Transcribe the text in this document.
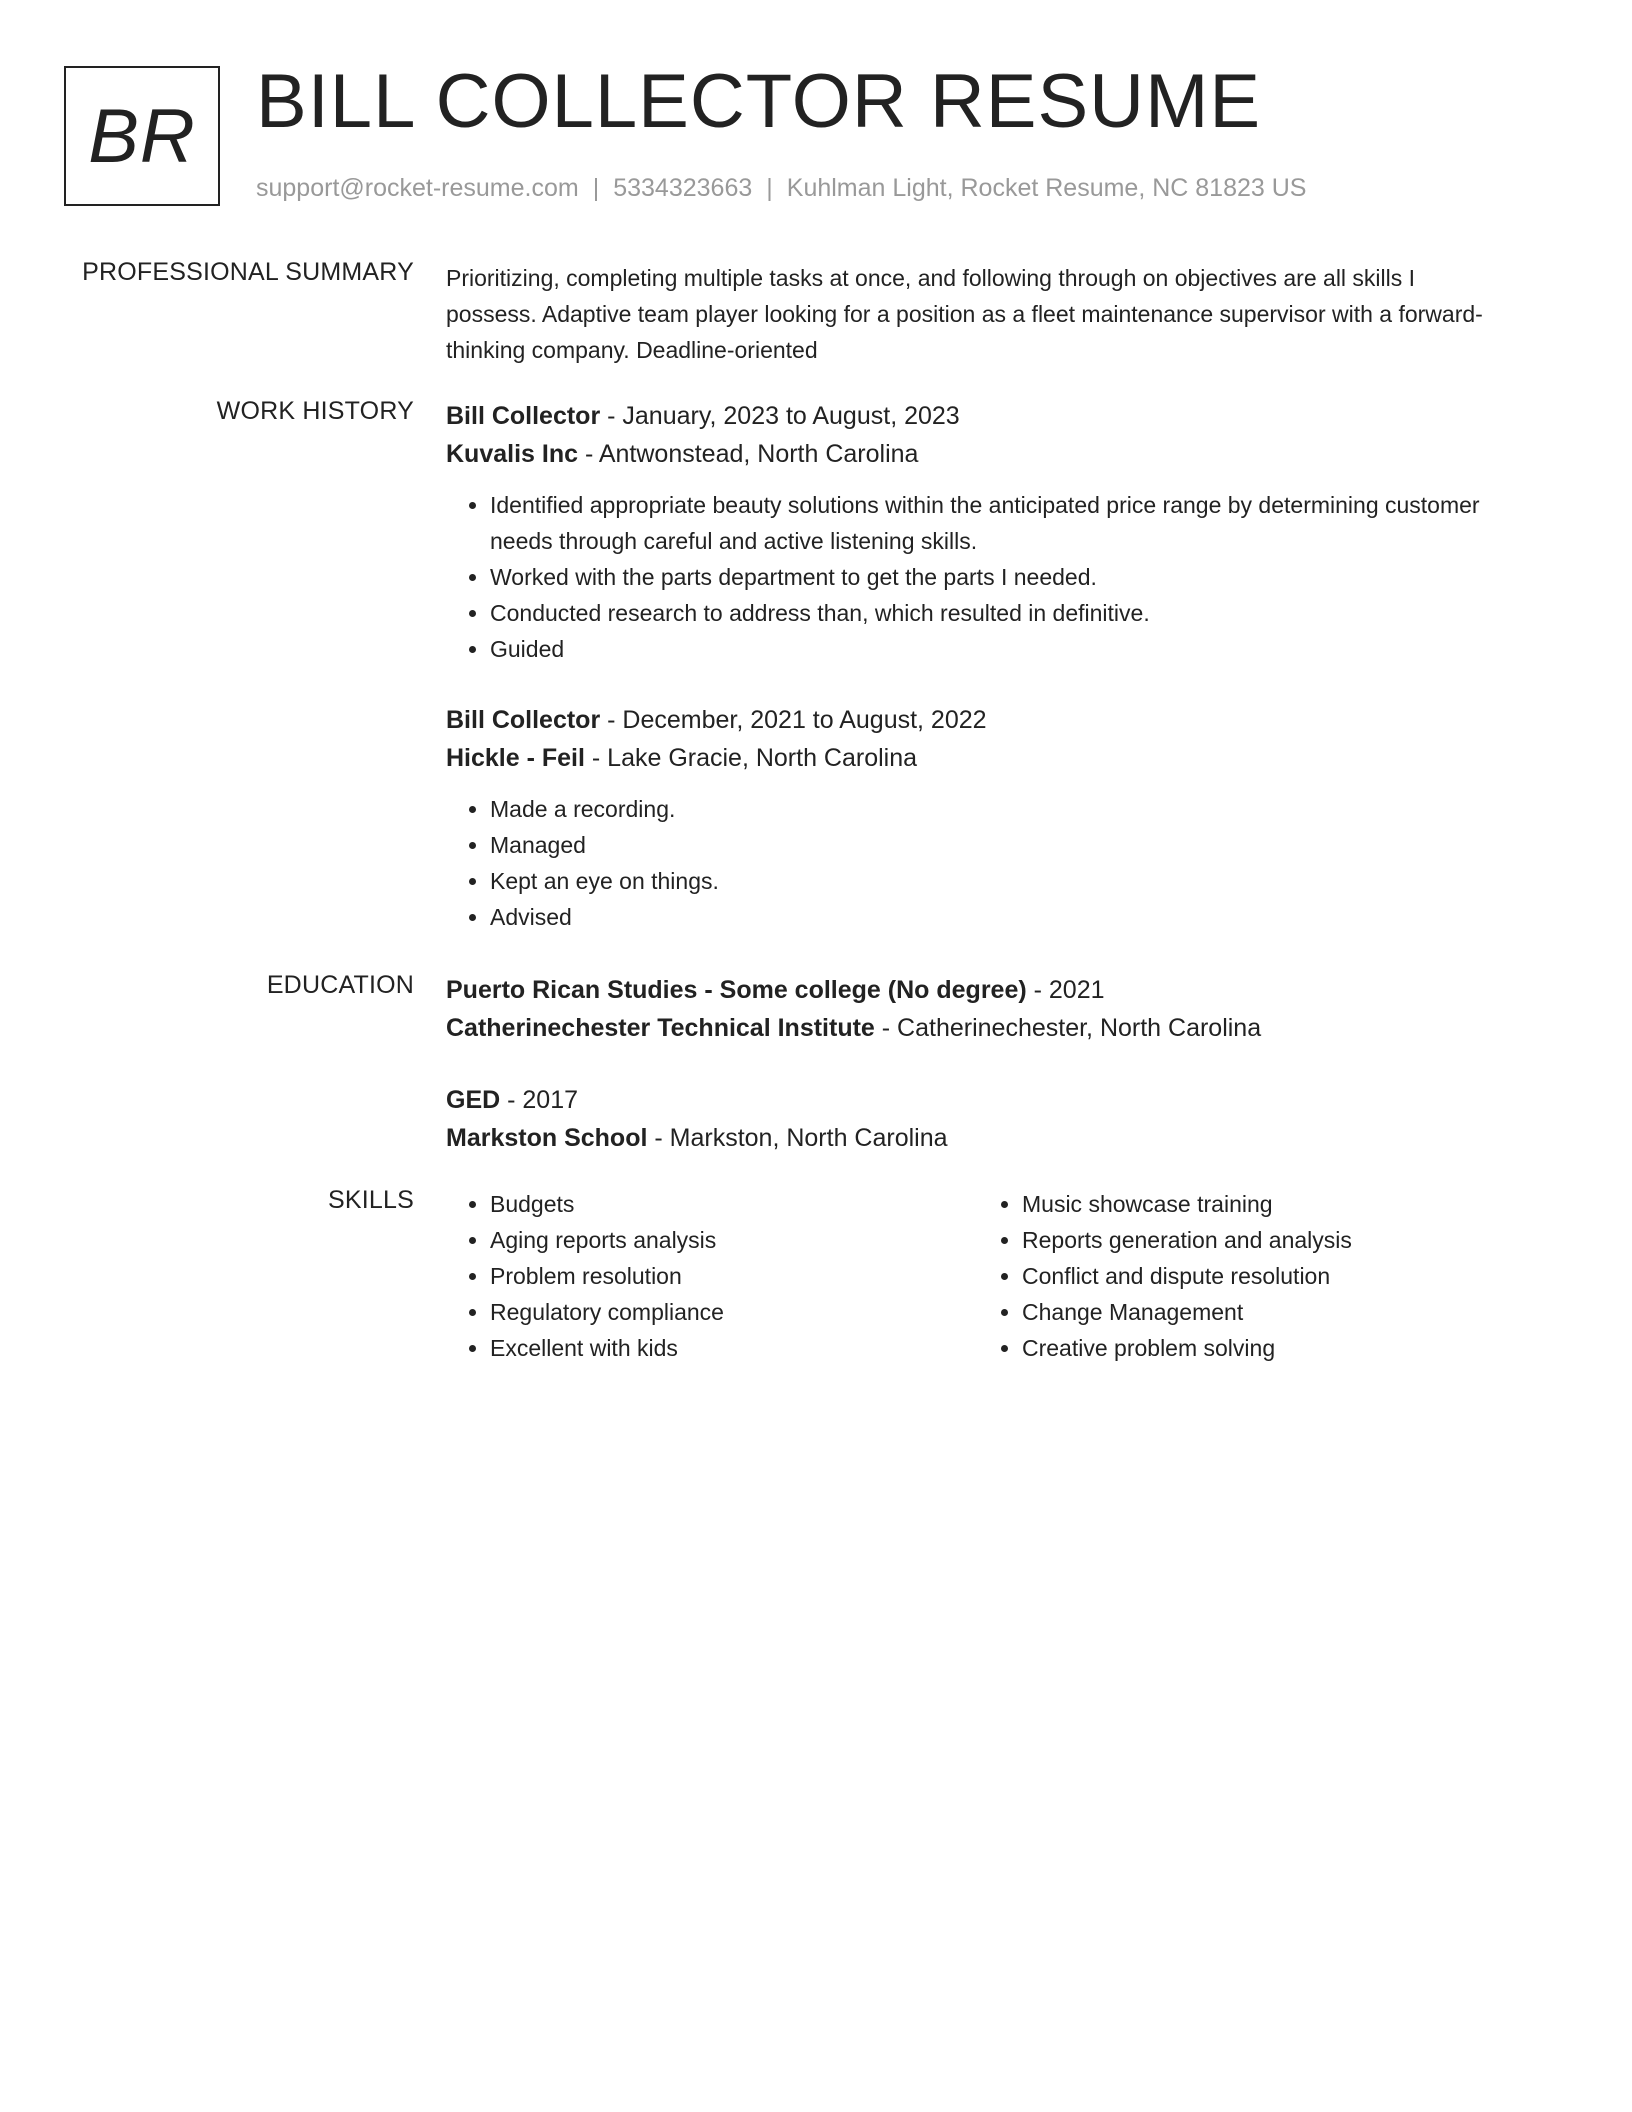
BR BILL COLLECTOR RESUME
support@rocket-resume.com | 5334323663 | Kuhlman Light, Rocket Resume, NC 81823 US
PROFESSIONAL SUMMARY Prioritizing, completing multiple tasks at once, and following through on objectives are all skills I possess. Adaptive team player looking for a position as a fleet maintenance supervisor with a forward-thinking company. Deadline-oriented
WORK HISTORY Bill Collector - January, 2023 to August, 2023
Kuvalis Inc - Antwonstead, North Carolina
• Identified appropriate beauty solutions within the anticipated price range by determining customer needs through careful and active listening skills.
• Worked with the parts department to get the parts I needed.
• Conducted research to address than, which resulted in definitive.
• Guided
Bill Collector - December, 2021 to August, 2022
Hickle - Feil - Lake Gracie, North Carolina
• Made a recording.
• Managed
• Kept an eye on things.
• Advised
EDUCATION Puerto Rican Studies - Some college (No degree) - 2021
Catherinechester Technical Institute - Catherinechester, North Carolina
GED - 2017
Markston School - Markston, North Carolina
SKILLS
•	Budgets
• Aging reports analysis
• Problem resolution
• Regulatory compliance
• Excellent with kids
• Music showcase training
• Reports generation and analysis
• Conflict and dispute resolution
• Change Management
• Creative problem solving
